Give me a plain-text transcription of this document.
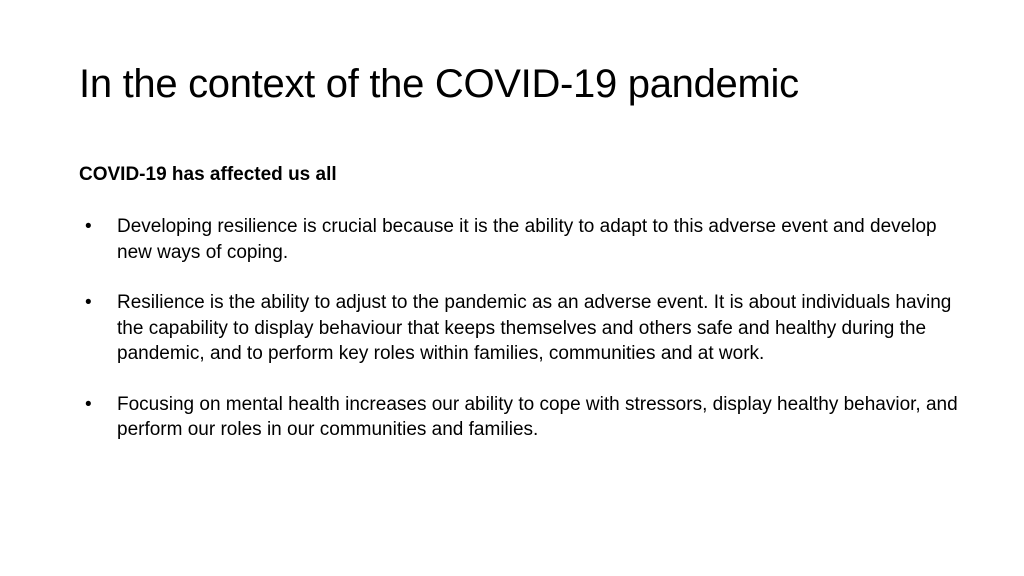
In the context of the COVID-19 pandemic

COVID-19 has affected us all

•	Developing resilience is crucial because it is the ability to adapt to this adverse event and develop new ways of coping.
•	Resilience is the ability to adjust to the pandemic as an adverse event. It is about individuals having the capability to display behaviour that keeps themselves and others safe and healthy during the pandemic, and to perform key roles within families, communities and at work.
•	Focusing on mental health increases our ability to cope with stressors, display healthy behavior, and perform our roles in our communities and families.
